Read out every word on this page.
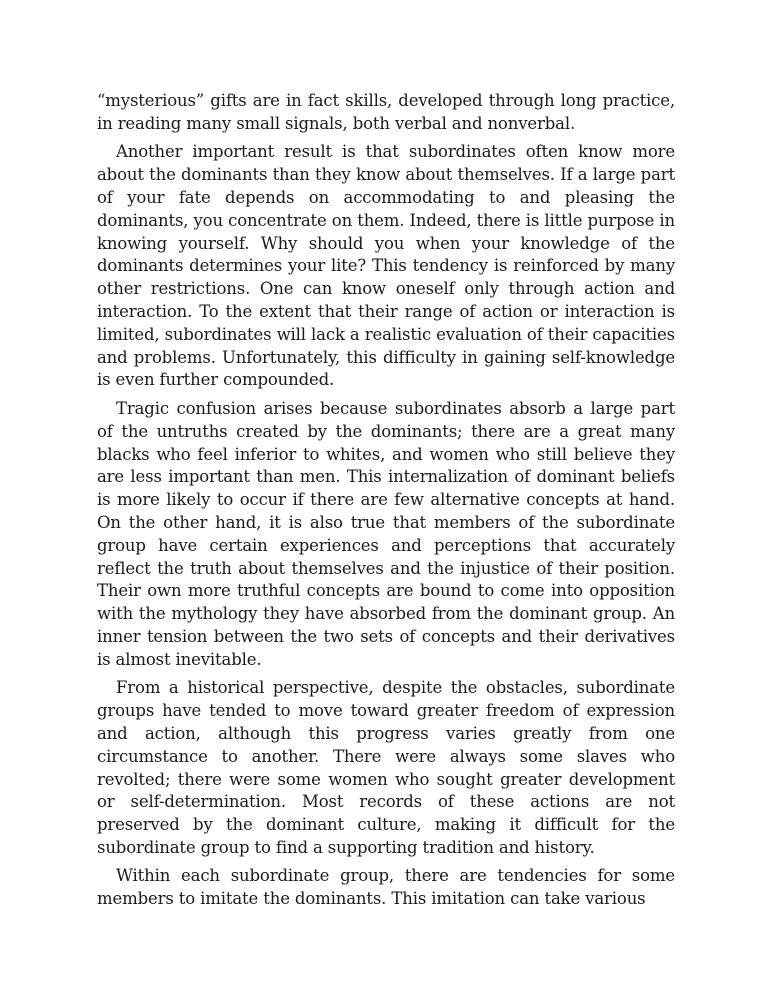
“mysterious” gifts are in fact skills, developed through long practice, in reading many small signals, both verbal and nonverbal.

Another important result is that subordinates often know more about the dominants than they know about themselves. If a large part of your fate depends on accommodating to and pleasing the dominants, you concentrate on them. Indeed, there is little purpose in knowing yourself. Why should you when your knowledge of the dominants determines your lite? This tendency is reinforced by many other restrictions. One can know oneself only through action and interaction. To the extent that their range of action or interaction is limited, subordinates will lack a realistic evaluation of their capacities and problems. Unfortunately, this difficulty in gaining self-knowledge is even further compounded.

Tragic confusion arises because subordinates absorb a large part of the untruths created by the dominants; there are a great many blacks who feel inferior to whites, and women who still believe they are less important than men. This internalization of dominant beliefs is more likely to occur if there are few alternative concepts at hand. On the other hand, it is also true that members of the subordinate group have certain experiences and perceptions that accurately reflect the truth about themselves and the injustice of their position. Their own more truthful concepts are bound to come into opposition with the mythology they have absorbed from the dominant group. An inner tension between the two sets of concepts and their derivatives is almost inevitable.

From a historical perspective, despite the obstacles, subordinate groups have tended to move toward greater freedom of expression and action, although this progress varies greatly from one circumstance to another. There were always some slaves who revolted; there were some women who sought greater development or self-determination. Most records of these actions are not preserved by the dominant culture, making it difficult for the subordinate group to find a supporting tradition and history.

Within each subordinate group, there are tendencies for some members to imitate the dominants. This imitation can take various
